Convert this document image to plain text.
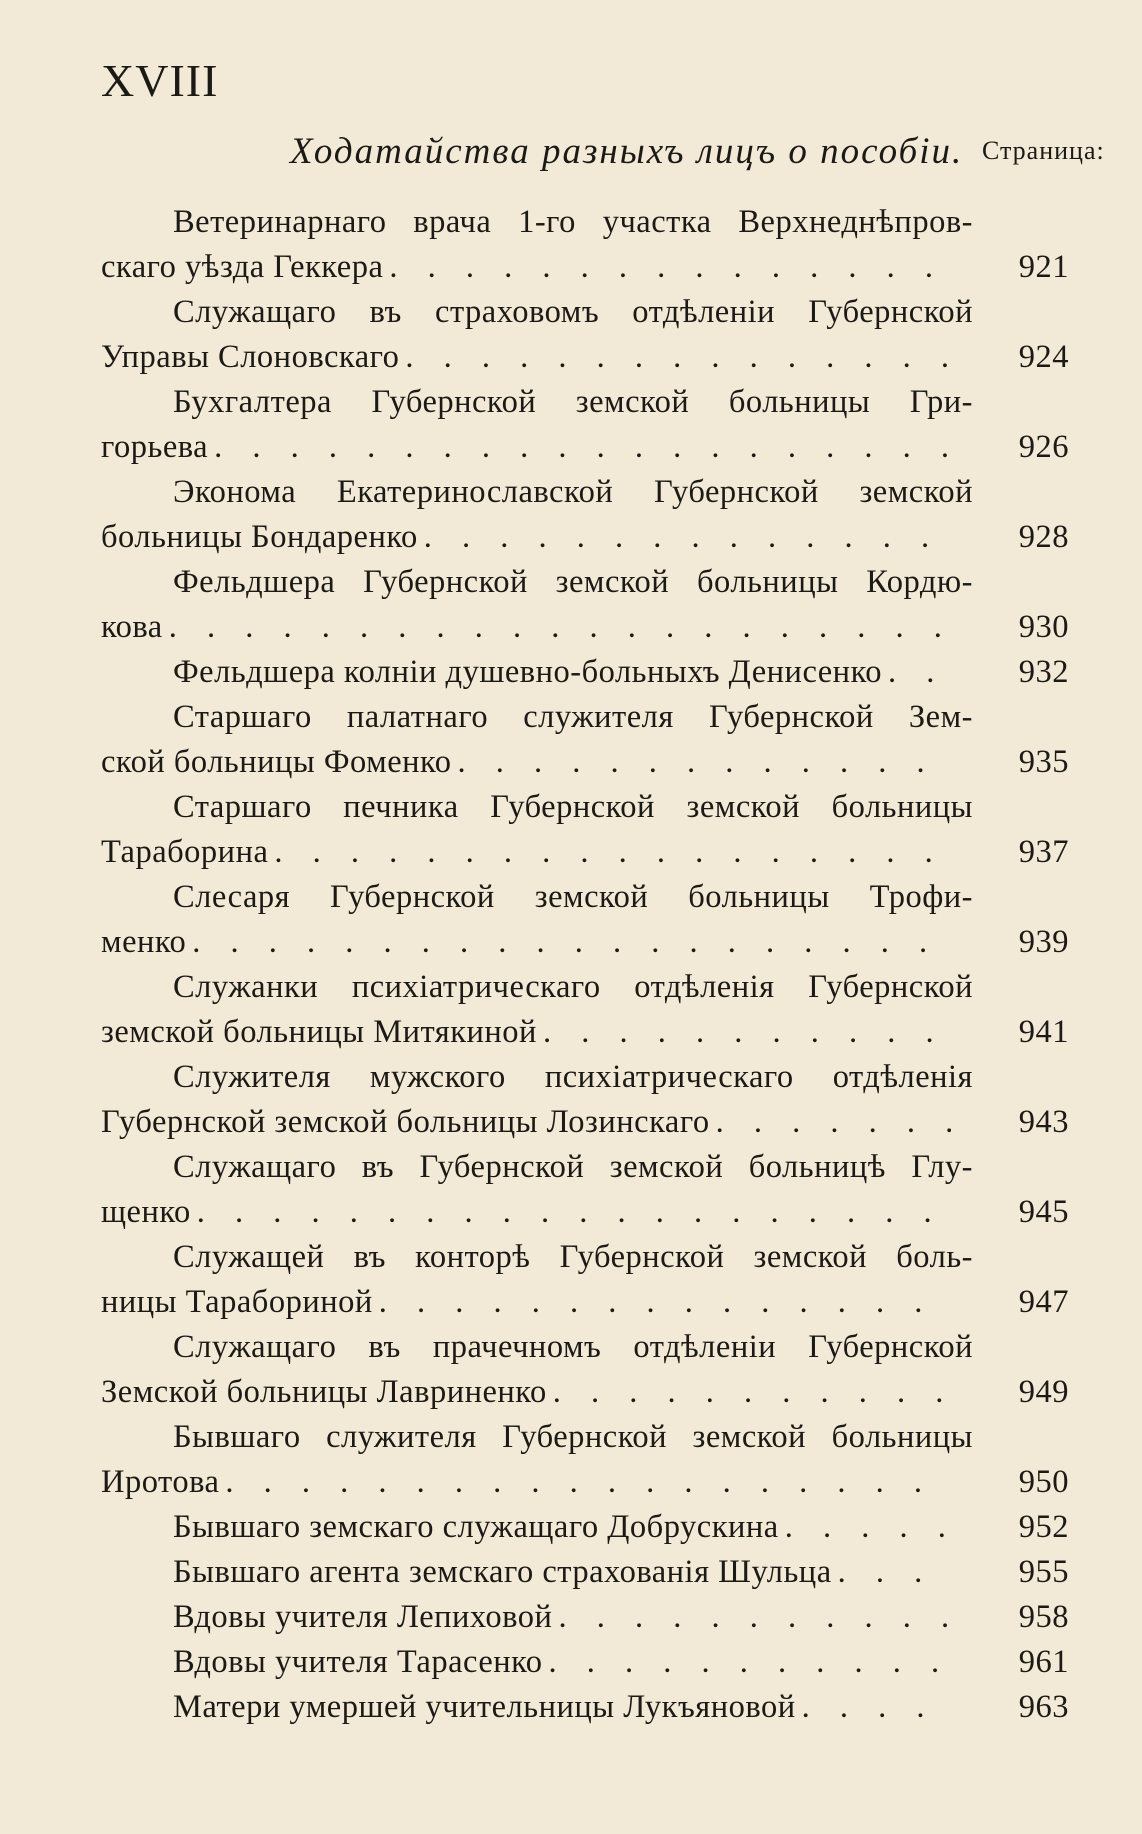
XVIII
Ходатайства разныхъ лицъ о пособіи. Страница:
Ветеринарнаго врача 1-го участка Верхнеднѣпров-
скаго уѣзда Геккера . . .	921
Служащаго въ страховомъ отдѣленіи Губернской
Управы Слоновскаго . . .	924
Бухгалтера Губернской земской больницы Гри-
горьева . . .	926
Эконома Екатеринославской Губернской земской
больницы Бондаренко . . .	928
Фельдшера Губернской земской больницы Кордю-
кова . . .	930
Фельдшера колніи душевно-больныхъ Денисенко . . .	932
Старшаго палатнаго служителя Губернской Зем-
ской больницы Фоменко . . .	935
Старшаго печника Губернской земской больницы
Тараборина . . .	937
Слесаря Губернской земской больницы Трофи-
менко . . .	939
Служанки психіатрическаго отдѣленія Губернской
земской больницы Митякиной . . .	941
Служителя мужского психіатрическаго отдѣленія
Губернской земской больницы Лозинскаго . . .	943
Служащаго въ Губернской земской больницѣ Глу-
щенко . . .	945
Служащей въ конторѣ Губернской земской боль-
ницы Тарабориной . . .	947
Служащаго въ прачечномъ отдѣленіи Губернской
Земской больницы Лавриненко . . .	949
Бывшаго служителя Губернской земской больницы
Иротова . . .	950
Бывшаго земскаго служащаго Добрускина . . .	952
Бывшаго агента земскаго страхованія Шульца . . .	955
Вдовы учителя Лепиховой . . .	958
Вдовы учителя Тарасенко . . .	961
Матери умершей учительницы Лукъяновой . . .	963
